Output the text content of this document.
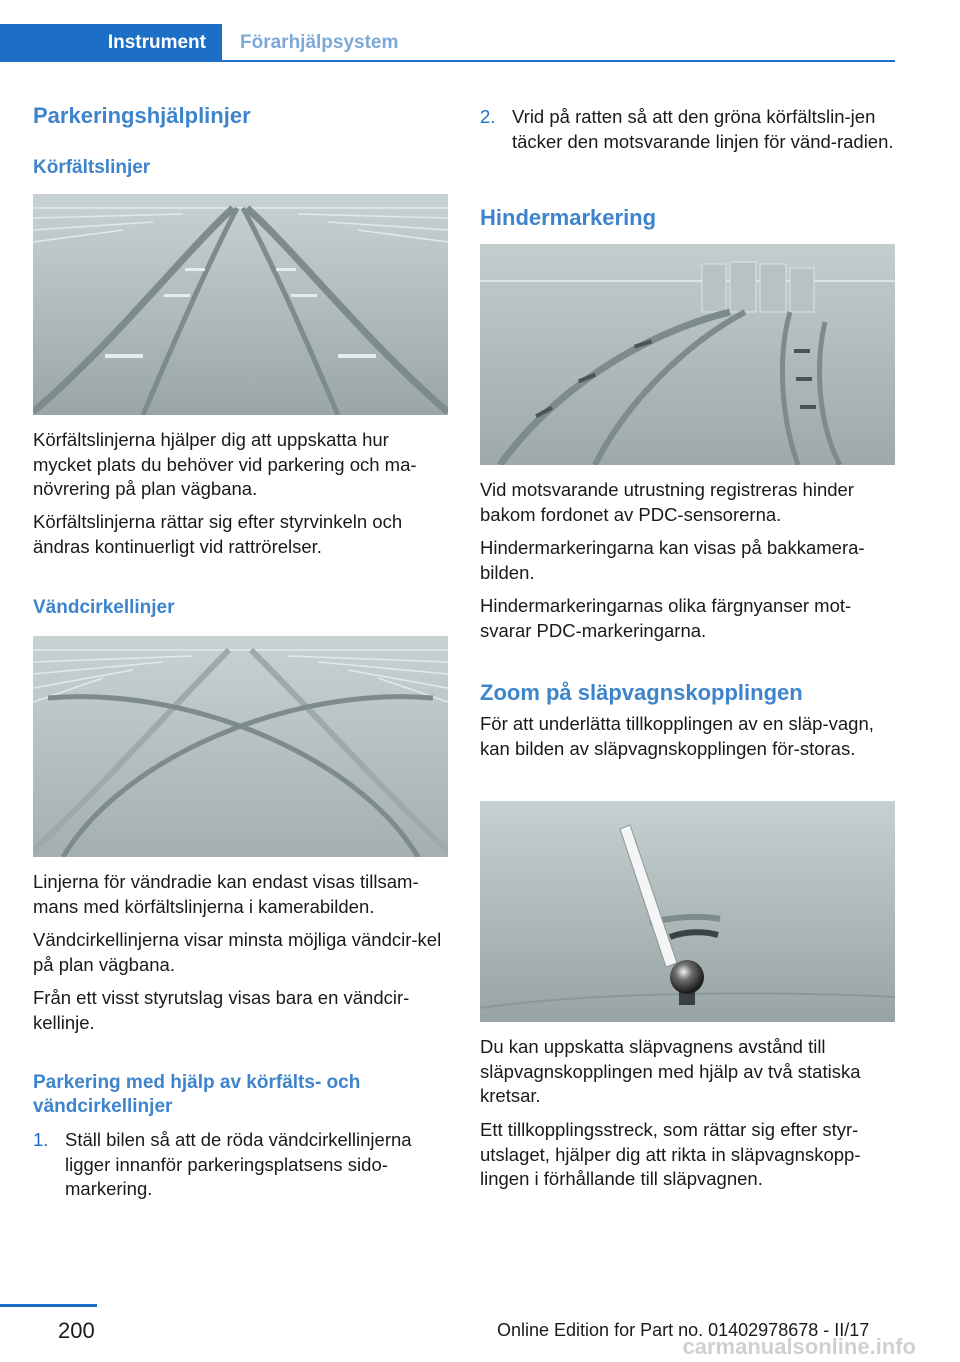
Instrument	Förarhjälpsystem
Parkeringshjälplinjer
Körfältslinjer

Körfältslinjerna hjälper dig att uppskatta hur mycket plats du behöver vid parkering och ma-növrering på plan vägbana.

Körfältslinjerna rättar sig efter styrvinkeln och ändras kontinuerligt vid rattrörelser.

Vändcirkellinjer

Linjerna för vändradie kan endast visas tillsam-mans med körfältslinjerna i kamerabilden.

Vändcirkellinjerna visar minsta möjliga vändcir-kel på plan vägbana.

Från ett visst styrutslag visas bara en vändcir-kellinje.

Parkering med hjälp av körfälts- och vändcirkellinjer
1. Ställ bilen så att de röda vändcirkellinjerna ligger innanför parkeringsplatsens sido-markering.
2. Vrid på ratten så att den gröna körfältslin-jen täcker den motsvarande linjen för vänd-radien.
Hindermarkering

Vid motsvarande utrustning registreras hinder bakom fordonet av PDC-sensorerna.

Hindermarkeringarna kan visas på bakkamera-bilden.

Hindermarkeringarnas olika färgnyanser mot-svarar PDC-markeringarna.

Zoom på släpvagnskopplingen

För att underlätta tillkopplingen av en släp-vagn, kan bilden av släpvagnskopplingen för-storas.

Du kan uppskatta släpvagnens avstånd till släpvagnskopplingen med hjälp av två statiska kretsar.

Ett tillkopplingsstreck, som rättar sig efter styr-utslaget, hjälper dig att rikta in släpvagnskopp-lingen i förhållande till släpvagnen.

200	Online Edition for Part no. 01402978678 - II/17
carmanualsonline.info
